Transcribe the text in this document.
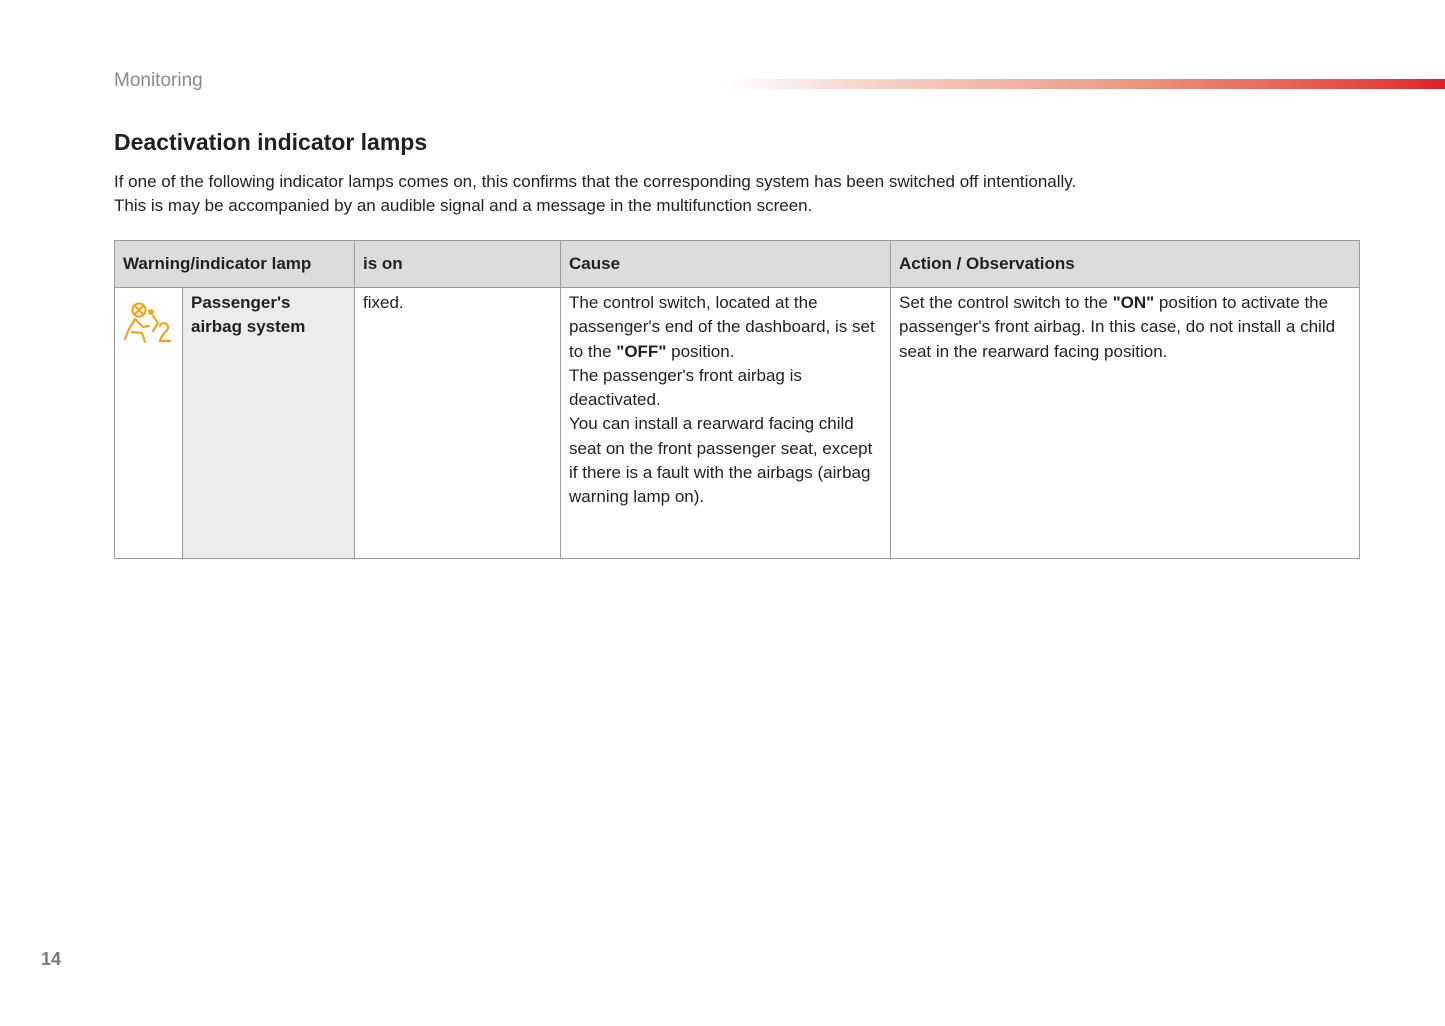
Monitoring
Deactivation indicator lamps

If one of the following indicator lamps comes on, this confirms that the corresponding system has been switched off intentionally.

This is may be accompanied by an audible signal and a message in the multifunction screen.

Warning/indicator lamp		is on	Cause	Action / Observations
	Passenger's airbag system	fixed.	The control switch, located at the passenger's end of the dashboard, is set to the "OFF" position.
The passenger's front airbag is deactivated.
You can install a rearward facing child seat on the front passenger seat, except if there is a fault with the airbags (airbag warning lamp on).	Set the control switch to the "ON" position to activate the passenger's front airbag. In this case, do not install a child seat in the rearward facing position.
14
